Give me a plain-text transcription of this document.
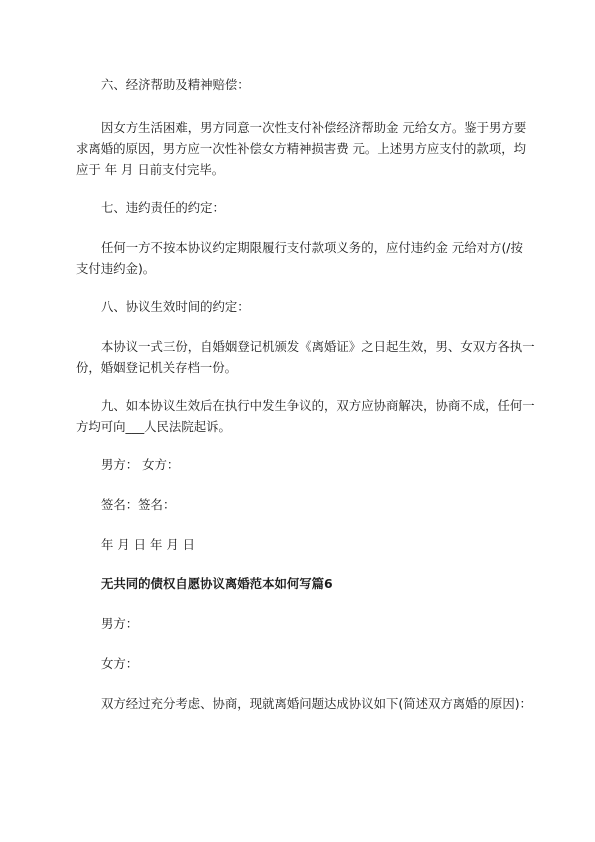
六、经济帮助及精神赔偿：
因女方生活困难，男方同意一次性支付补偿经济帮助金 元给女方。鉴于男方要
求离婚的原因，男方应一次性补偿女方精神损害费 元。上述男方应支付的款项，均
应于 年 月 日前支付完毕。
七、违约责任的约定：
任何一方不按本协议约定期限履行支付款项义务的，应付违约金 元给对方(/按
支付违约金)。
八、协议生效时间的约定：
本协议一式三份，自婚姻登记机颁发《离婚证》之日起生效，男、女双方各执一
份，婚姻登记机关存档一份。
九、如本协议生效后在执行中发生争议的，双方应协商解决，协商不成，任何一
方均可向___人民法院起诉。
男方： 女方：
签名：签名：
年 月 日 年 月 日
无共同的债权自愿协议离婚范本如何写篇6
男方：
女方：
双方经过充分考虑、协商，现就离婚问题达成协议如下(简述双方离婚的原因)：
